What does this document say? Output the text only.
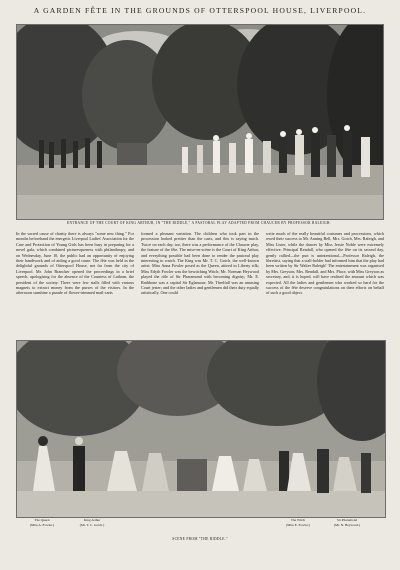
A GARDEN FÊTE IN THE GROUNDS OF OTTERSPOOL HOUSE, LIVERPOOL.
ENTRANCE OF THE COURT OF KING ARTHUR, IN "THE RIDDLE," A PASTORAL PLAY ADAPTED FROM CHAUCER BY PROFESSOR RALEIGH.
In the sacred cause of charity there is always "some new thing." For months beforehand the energetic Liverpool Ladies' Association for the Care and Protection of Young Girls has been busy in preparing for a novel gala, which combined picturesqueness with philanthropy, and on Wednesday, June 10, the public had an opportunity of enjoying their handiwork and of aiding a good cause. The fête was held in the delightful grounds of Otterspool House, not far from the city of Liverpool. Mr. John Brancker opened the proceedings in a brief speech, apologising for the absence of the Countess of Lathom, the president of the society. There were few stalls filled with various magnets to extract money from the purses of the visitors. In the afternoon sunshine a parade of flower-trimmed mail-carts
formed a pleasant variation. The children who took part in the procession looked prettier than the carts, and this is saying much. Twice on each day, too, there was a performance of the Chaucer play, the feature of the fête. The mise-en-scène is the Court of King Arthur, and everything possible had been done to render the pastoral play interesting to watch. The King was Mr. T. C. Gotch, the well-known artist; Miss Anna Fowler posed as the Queen, attired in Liberty silk; Miss Edyth Fowler was the bewitching Witch; Mr. Norman Heywood played the rôle of Sir Pharamond with becoming dignity; Mr. E. Rathbone was a capital Sir Eglamour; Mr. Threlfall was an amusing Court jester; and the other ladies and gentlemen did their duty equally artistically. One could
write much of the really beautiful costumes and processions, which owed their success to Mr. Anning Bell, Mrs. Gotch, Mrs. Raleigh, and Miss Lister, while the dances by Miss Jessie Noble were extremely effective. Principal Rendall, who opened the fête on its second day, gently rallied—the pun is unintentional—Professor Raleigh, the librettist, saying that a stall-holder had informed him that the play had been written by Sir Walter Raleigh! The entertainment was organised by Mrs. Greyson, Mrs. Rendall, and Mrs. Place, with Miss Greyson as secretary, and, it is hoped, will have realised the amount which was expected. All the ladies and gentlemen who worked so hard for the success of the fête deserve congratulations on their efforts on behalf of such a good object.
The Queen
(Miss A. Fowler.)
King Arthur
(Mr. T. C. Gotch.)
The Witch
(Miss E. Fowler.)
Sir Pharamond
(Mr. N. Heywood.)
SCENE FROM "THE RIDDLE."
